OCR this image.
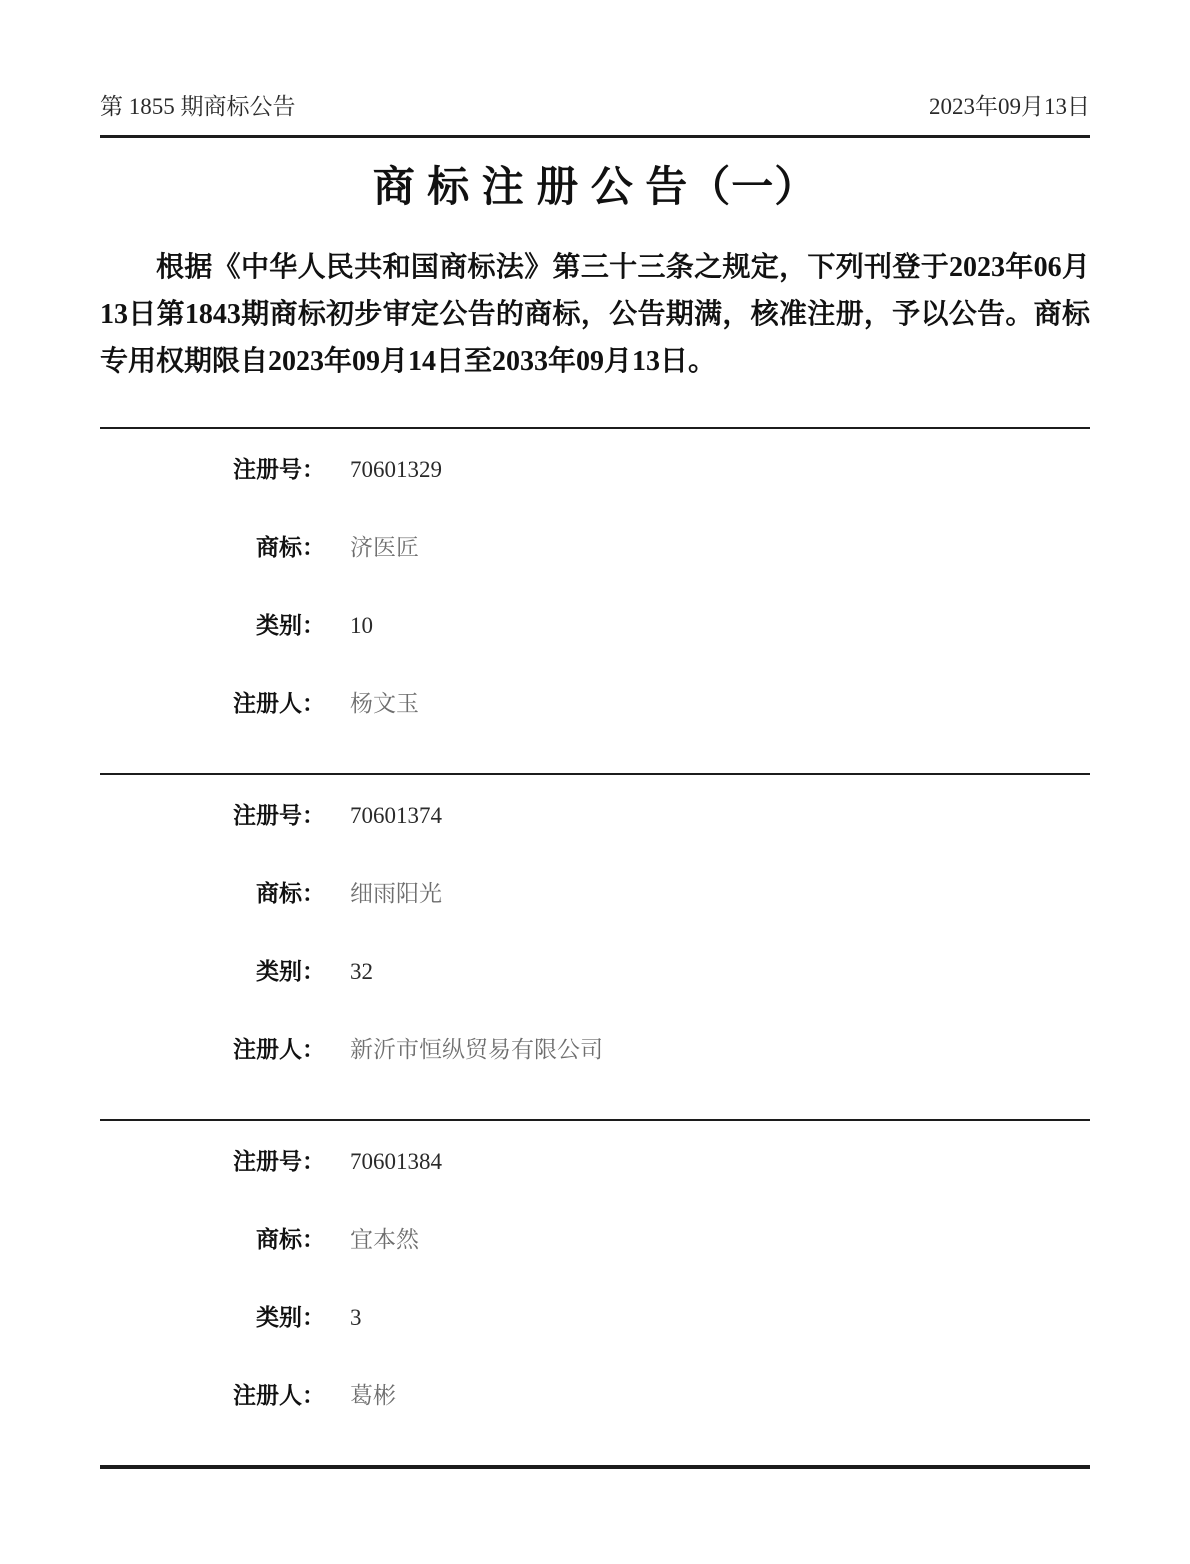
第 1855 期商标公告	2023年09月13日
商 标 注 册 公 告（一）

根据《中华人民共和国商标法》第三十三条之规定，下列刊登于2023年06月13日第1843期商标初步审定公告的商标，公告期满，核准注册，予以公告。商标专用权期限自2023年09月14日至2033年09月13日。

注册号： 70601329
商标： 济医匠
类别： 10
注册人： 杨文玉
注册号： 70601374
商标： 细雨阳光
类别： 32
注册人： 新沂市恒纵贸易有限公司
注册号： 70601384
商标： 宜本然
类别： 3
注册人： 葛彬
